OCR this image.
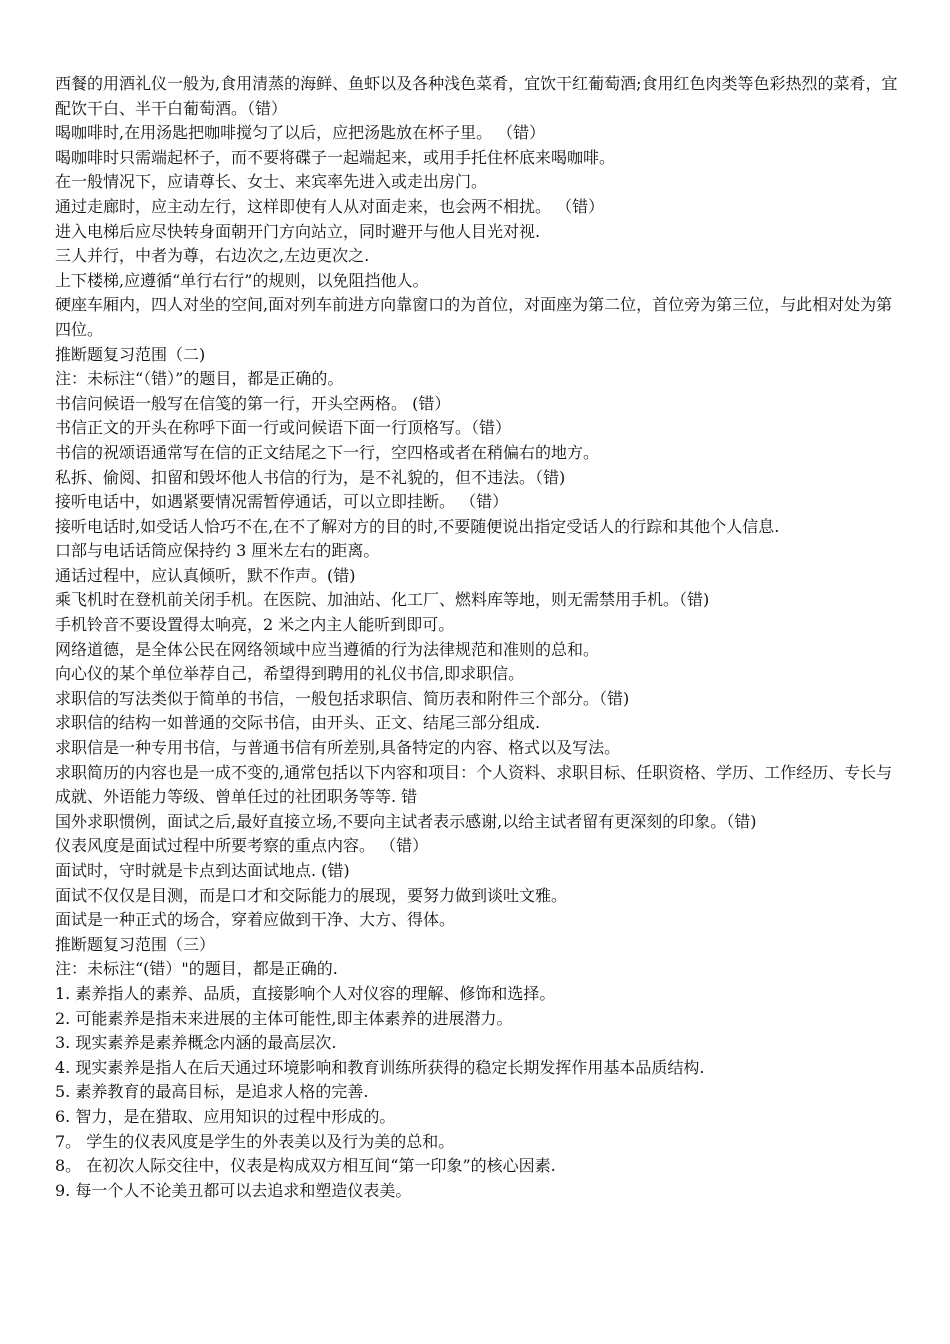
西餐的用酒礼仪一般为,食用清蒸的海鲜、鱼虾以及各种浅色菜肴，宜饮干红葡萄酒;食用红色肉类等色彩热烈的菜肴，宜配饮干白、半干白葡萄酒。（错）

喝咖啡时,在用汤匙把咖啡搅匀了以后，应把汤匙放在杯子里。 （错）

喝咖啡时只需端起杯子，而不要将碟子一起端起来，或用手托住杯底来喝咖啡。

在一般情况下，应请尊长、女士、来宾率先进入或走出房门。

通过走廊时，应主动左行，这样即使有人从对面走来，也会两不相扰。 （错）

进入电梯后应尽快转身面朝开门方向站立，同时避开与他人目光对视.

三人并行，中者为尊，右边次之,左边更次之.

上下楼梯,应遵循“单行右行”的规则，以免阻挡他人。

硬座车厢内，四人对坐的空间,面对列车前进方向靠窗口的为首位，对面座为第二位，首位旁为第三位，与此相对处为第四位。

推断题复习范围（二)

注：未标注“（错）”的题目，都是正确的。

书信问候语一般写在信笺的第一行，开头空两格。 (错）

书信正文的开头在称呼下面一行或问候语下面一行顶格写。（错）

书信的祝颂语通常写在信的正文结尾之下一行，空四格或者在稍偏右的地方。

私拆、偷阅、扣留和毁坏他人书信的行为，是不礼貌的，但不违法。（错)

接听电话中，如遇紧要情况需暂停通话，可以立即挂断。 （错）

接听电话时,如受话人恰巧不在,在不了解对方的目的时,不要随便说出指定受话人的行踪和其他个人信息.

口部与电话话筒应保持约 3 厘米左右的距离。

通话过程中，应认真倾听，默不作声。(错)

乘飞机时在登机前关闭手机。在医院、加油站、化工厂、燃料库等地，则无需禁用手机。（错)

手机铃音不要设置得太响亮，2 米之内主人能听到即可。

网络道德，是全体公民在网络领域中应当遵循的行为法律规范和准则的总和。

向心仪的某个单位举荐自己，希望得到聘用的礼仪书信,即求职信。

求职信的写法类似于简单的书信，一般包括求职信、简历表和附件三个部分。（错)

求职信的结构一如普通的交际书信，由开头、正文、结尾三部分组成.

求职信是一种专用书信，与普通书信有所差别,具备特定的内容、格式以及写法。

求职简历的内容也是一成不变的,通常包括以下内容和项目：个人资料、求职目标、任职资格、学历、工作经历、专长与成就、外语能力等级、曾单任过的社团职务等等. 错

国外求职惯例，面试之后,最好直接立场,不要向主试者表示感谢,以给主试者留有更深刻的印象。（错)

仪表风度是面试过程中所要考察的重点内容。 （错）

面试时，守时就是卡点到达面试地点. (错)

面试不仅仅是目测，而是口才和交际能力的展现，要努力做到谈吐文雅。

面试是一种正式的场合，穿着应做到干净、大方、得体。

推断题复习范围（三）

注：未标注“(错）"的题目，都是正确的.

1. 素养指人的素养、品质，直接影响个人对仪容的理解、修饰和选择。

2. 可能素养是指未来进展的主体可能性,即主体素养的进展潜力。

3. 现实素养是素养概念内涵的最高层次.

4. 现实素养是指人在后天通过环境影响和教育训练所获得的稳定长期发挥作用基本品质结构.

5. 素养教育的最高目标，是追求人格的完善.

6. 智力，是在猎取、应用知识的过程中形成的。

7。 学生的仪表风度是学生的外表美以及行为美的总和。

8。 在初次人际交往中，仪表是构成双方相互间“第一印象”的核心因素.

9. 每一个人不论美丑都可以去追求和塑造仪表美。
